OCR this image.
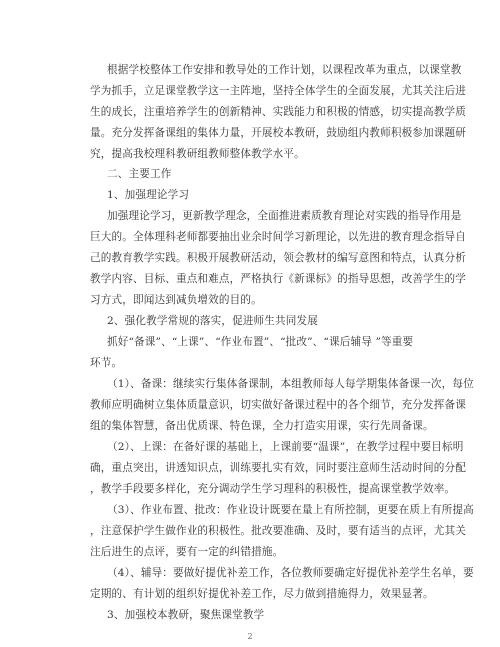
根据学校整体工作安排和教导处的工作计划，以课程改革为重点，以课堂教
学为抓手，立足课堂教学这一主阵地，坚持全体学生的全面发展，尤其关注后进
生的成长，注重培养学生的创新精神、实践能力和积极的情感，切实提高教学质
量。充分发挥备课组的集体力量，开展校本教研，鼓励组内教师积极参加课题研
究，提高我校理科教研组教师整体教学水平。
二、主要工作
1、加强理论学习
加强理论学习，更新教学理念，全面推进素质教育理论对实践的指导作用是
巨大的。全体理科老师都要抽出业余时间学习新理论，以先进的教育理念指导自
己的教育教学实践。积极开展教研活动，领会教材的编写意图和特点，认真分析
教学内容、目标、重点和难点，严格执行《新课标》的指导思想，改善学生的学
习方式，即闻达到减负增效的目的。
2、强化教学常规的落实，促进师生共同发展
抓好“备课”、“上课”、“作业布置”、“批改”、“课后辅导 ”等重要
环节。
（1）、备课：继续实行集体备课制，本组教师每人每学期集体备课一次，每位
教师应明确树立集体质量意识，切实做好备课过程中的各个细节，充分发挥备课
组的集体智慧，备出优质课、特色课，全力打造实用课，实行先周备课。
（2）、上课：在备好课的基础上，上课前要“温课”，在教学过程中要目标明
确，重点突出，讲透知识点，训练要扎实有效，同时要注意师生活动时间的分配
，教学手段要多样化，充分调动学生学习理科的积极性，提高课堂教学效率。
（3）、作业布置、批改：作业设计既要在量上有所控制，更要在质上有所提高
，注意保护学生做作业的积极性。批改要准确、及时，要有适当的点评，尤其关
注后进生的点评，要有一定的纠错措施。
（4）、辅导：要做好提优补差工作，各位教师要确定好提优补差学生名单，要
定期的、有计划的组织好提优补差工作，尽力做到措施得力，效果显著。
3、加强校本教研，聚焦课堂教学
2
